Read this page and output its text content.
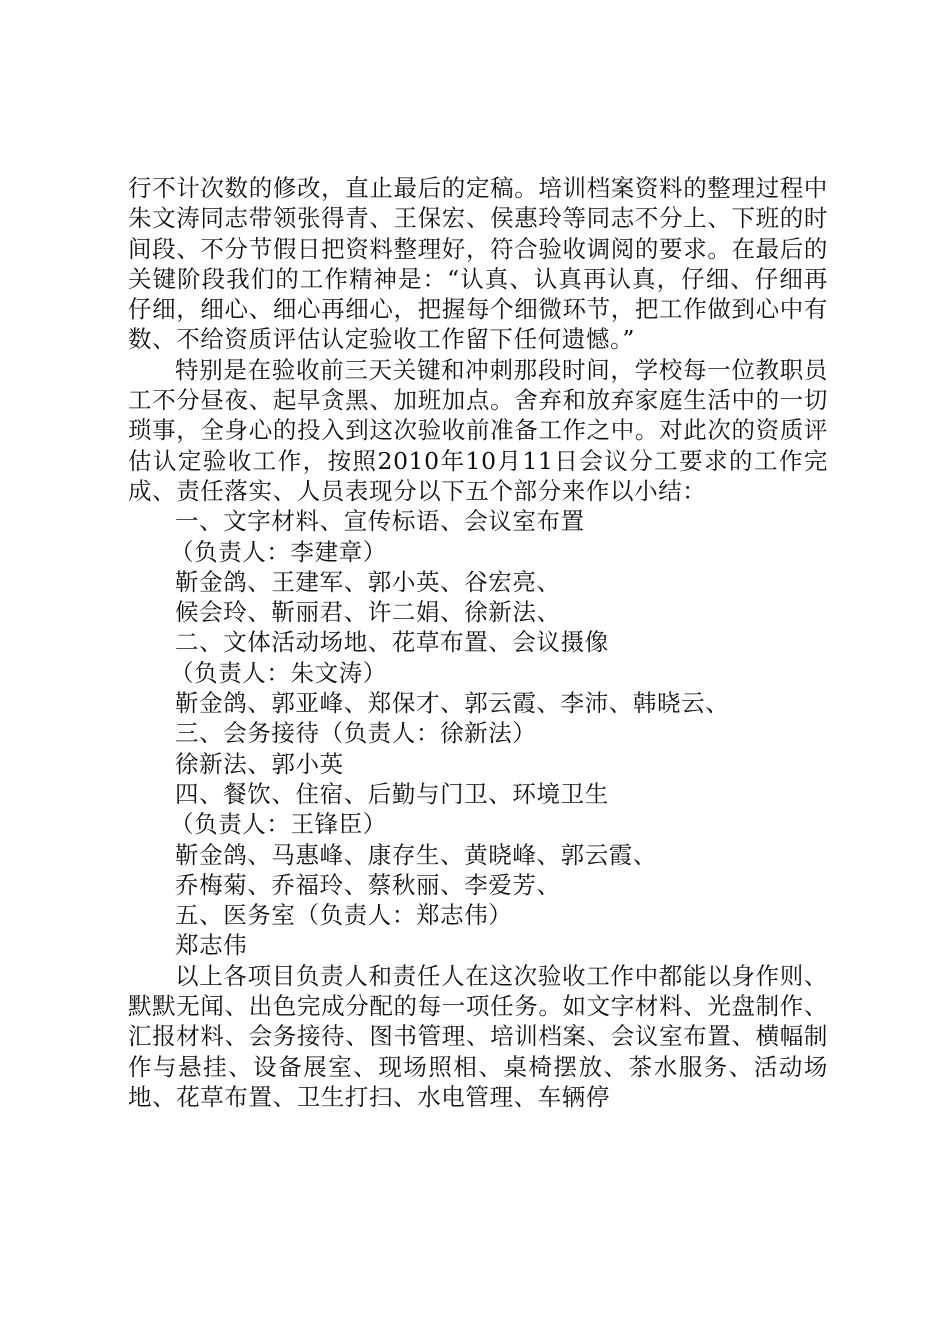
行不计次数的修改，直止最后的定稿。培训档案资料的整理过程中朱文涛同志带领张得青、王保宏、侯惠玲等同志不分上、下班的时间段、不分节假日把资料整理好，符合验收调阅的要求。在最后的关键阶段我们的工作精神是：“认真、认真再认真，仔细、仔细再仔细，细心、细心再细心，把握每个细微环节，把工作做到心中有数、不给资质评估认定验收工作留下任何遗憾。”

特别是在验收前三天关键和冲刺那段时间，学校每一位教职员工不分昼夜、起早贪黑、加班加点。舍弃和放弃家庭生活中的一切琐事，全身心的投入到这次验收前准备工作之中。对此次的资质评估认定验收工作，按照2010年10月11日会议分工要求的工作完成、责任落实、人员表现分以下五个部分来作以小结：

一、文字材料、宣传标语、会议室布置

（负责人：李建章）

靳金鸽、王建军、郭小英、谷宏亮、

候会玲、靳丽君、许二娟、徐新法、

二、文体活动场地、花草布置、会议摄像

（负责人：朱文涛）

靳金鸽、郭亚峰、郑保才、郭云霞、李沛、韩晓云、

三、会务接待（负责人：徐新法）

徐新法、郭小英

四、餐饮、住宿、后勤与门卫、环境卫生

（负责人：王锋臣）

靳金鸽、马惠峰、康存生、黄晓峰、郭云霞、

乔梅菊、乔福玲、蔡秋丽、李爱芳、

五、医务室（负责人：郑志伟）

郑志伟

以上各项目负责人和责任人在这次验收工作中都能以身作则、默默无闻、出色完成分配的每一项任务。如文字材料、光盘制作、汇报材料、会务接待、图书管理、培训档案、会议室布置、横幅制作与悬挂、设备展室、现场照相、桌椅摆放、茶水服务、活动场地、花草布置、卫生打扫、水电管理、车辆停
